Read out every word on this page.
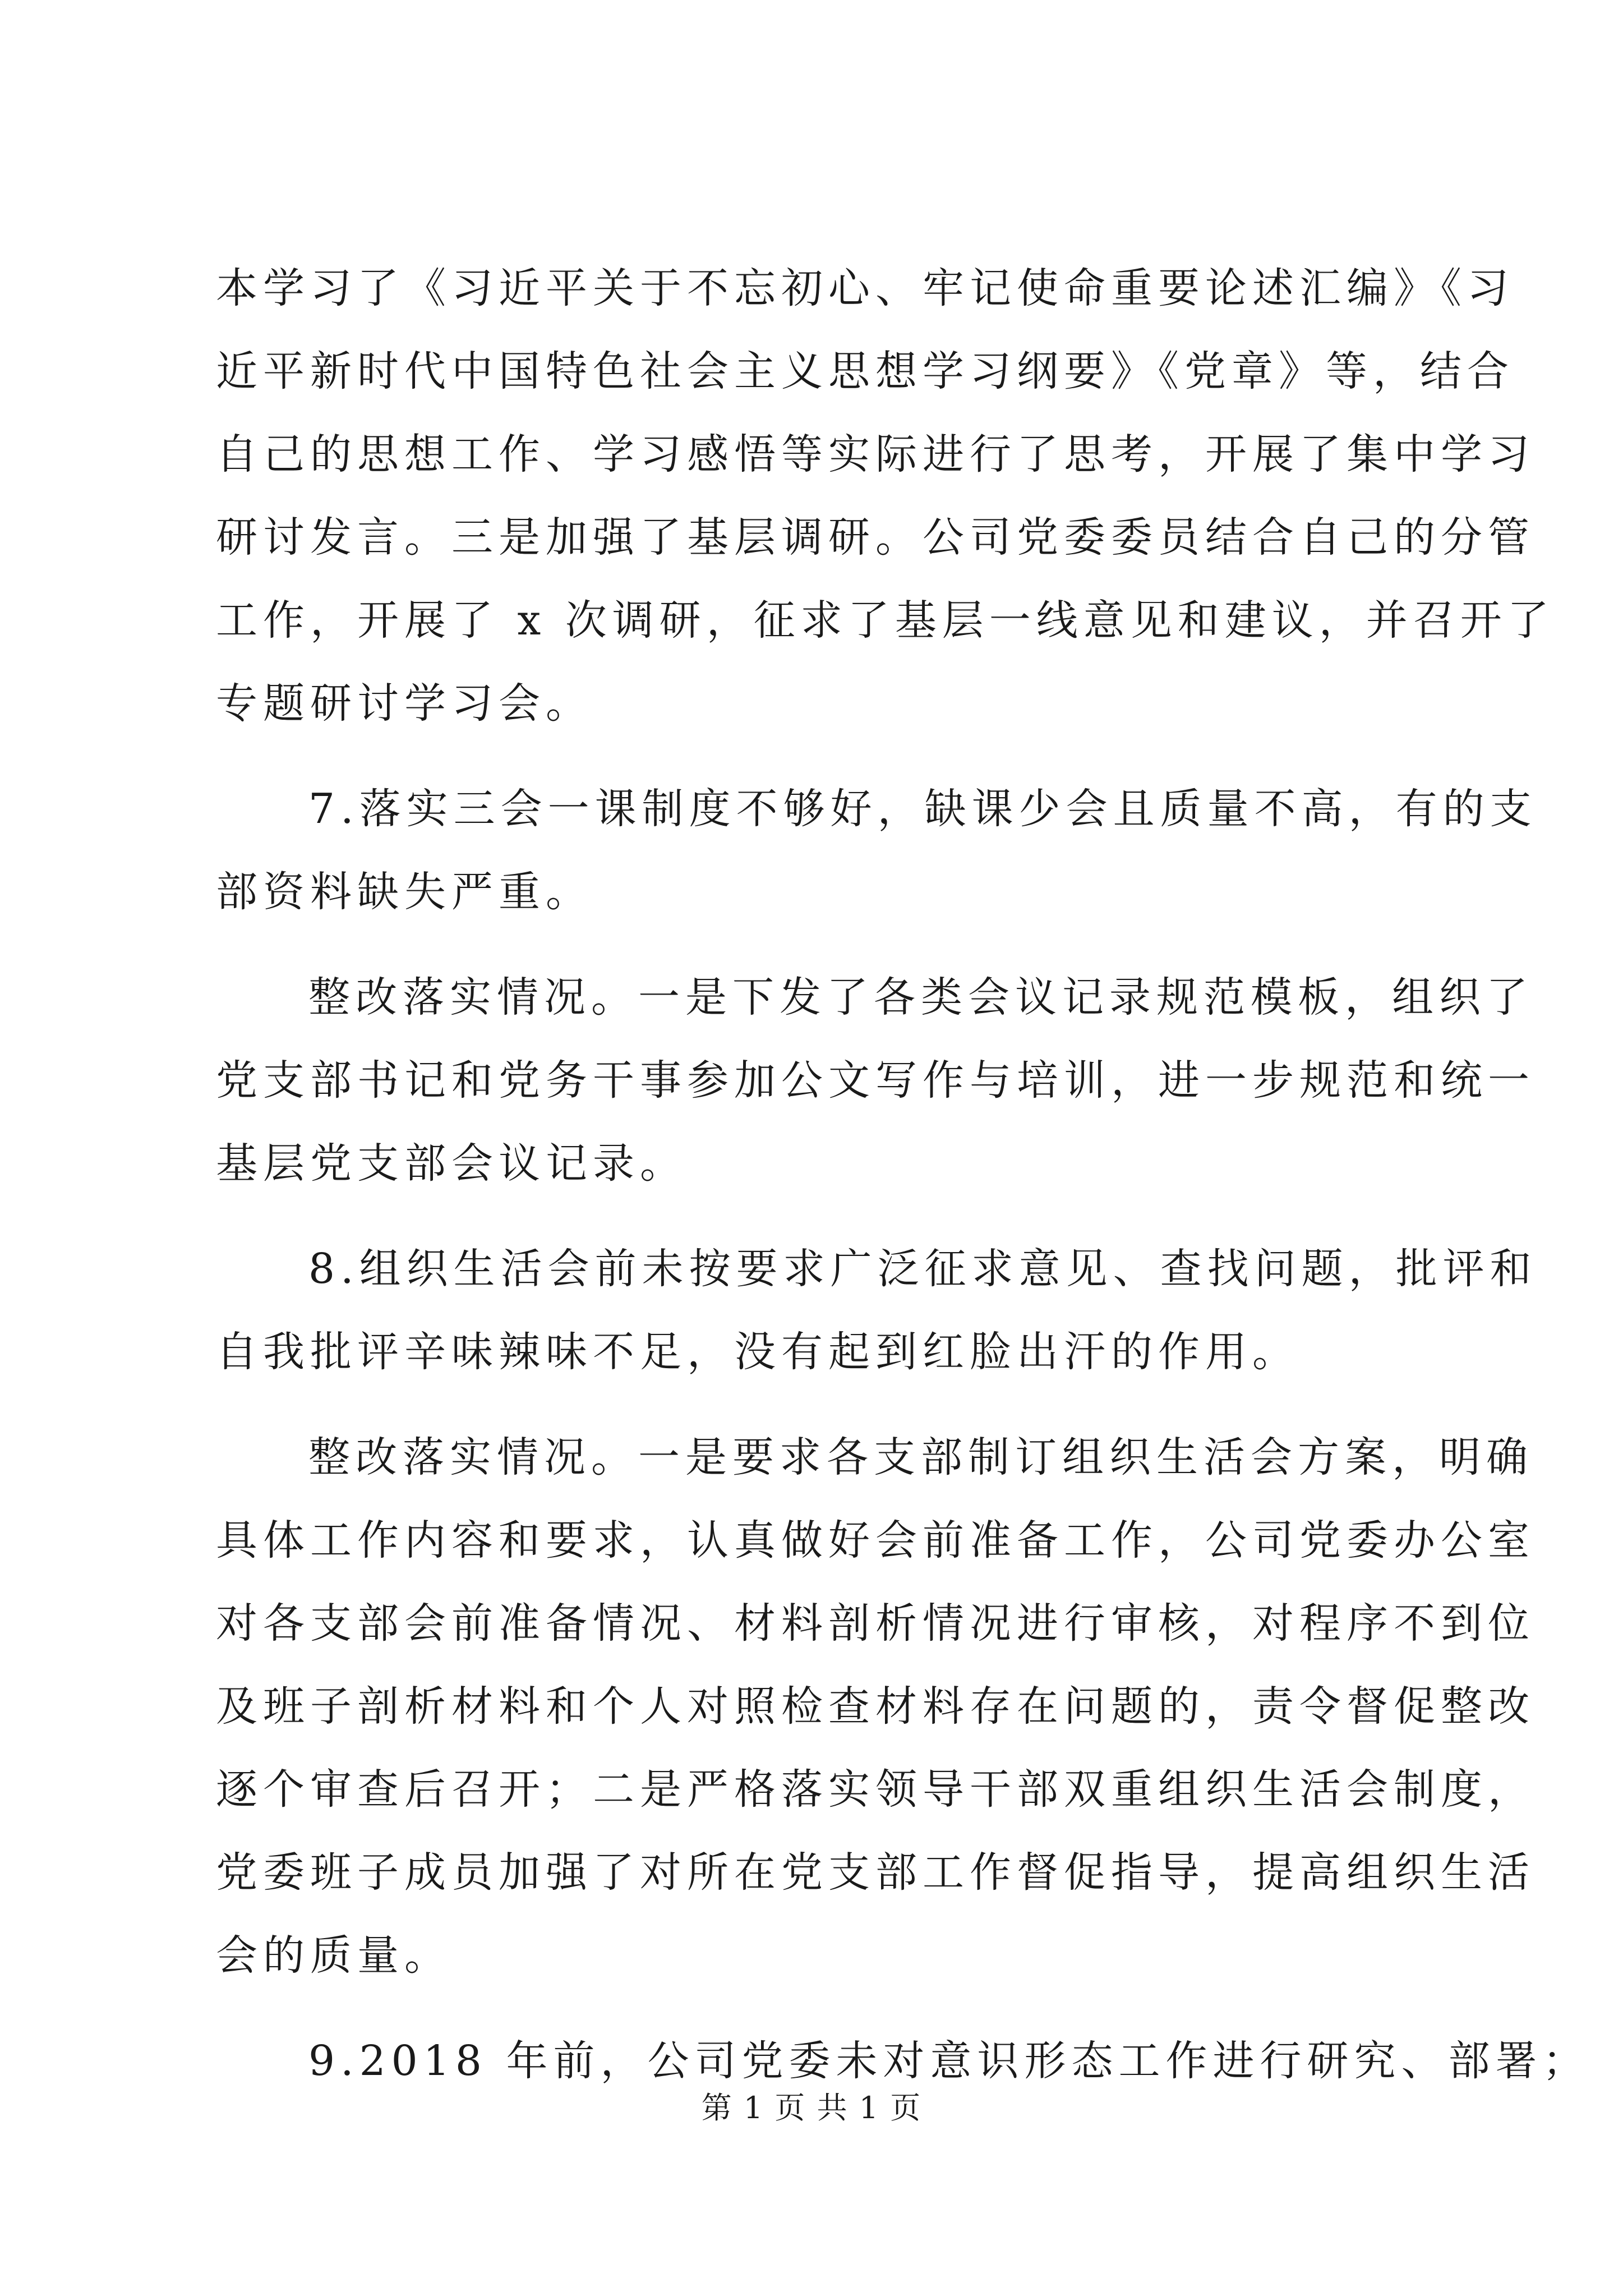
本学习了《习近平关于不忘初心、牢记使命重要论述汇编》《习
近平新时代中国特色社会主义思想学习纲要》《党章》等，结合
自己的思想工作、学习感悟等实际进行了思考，开展了集中学习
研讨发言。三是加强了基层调研。公司党委委员结合自己的分管
工作，开展了 x 次调研，征求了基层一线意见和建议，并召开了
专题研讨学习会。
7.落实三会一课制度不够好，缺课少会且质量不高，有的支
部资料缺失严重。
整改落实情况。一是下发了各类会议记录规范模板，组织了
党支部书记和党务干事参加公文写作与培训，进一步规范和统一
基层党支部会议记录。
8.组织生活会前未按要求广泛征求意见、查找问题，批评和
自我批评辛味辣味不足，没有起到红脸出汗的作用。
整改落实情况。一是要求各支部制订组织生活会方案，明确
具体工作内容和要求，认真做好会前准备工作，公司党委办公室
对各支部会前准备情况、材料剖析情况进行审核，对程序不到位
及班子剖析材料和个人对照检查材料存在问题的，责令督促整改
逐个审查后召开；二是严格落实领导干部双重组织生活会制度，
党委班子成员加强了对所在党支部工作督促指导，提高组织生活
会的质量。
9.2018 年前，公司党委未对意识形态工作进行研究、部署；
第 1 页 共 1 页
